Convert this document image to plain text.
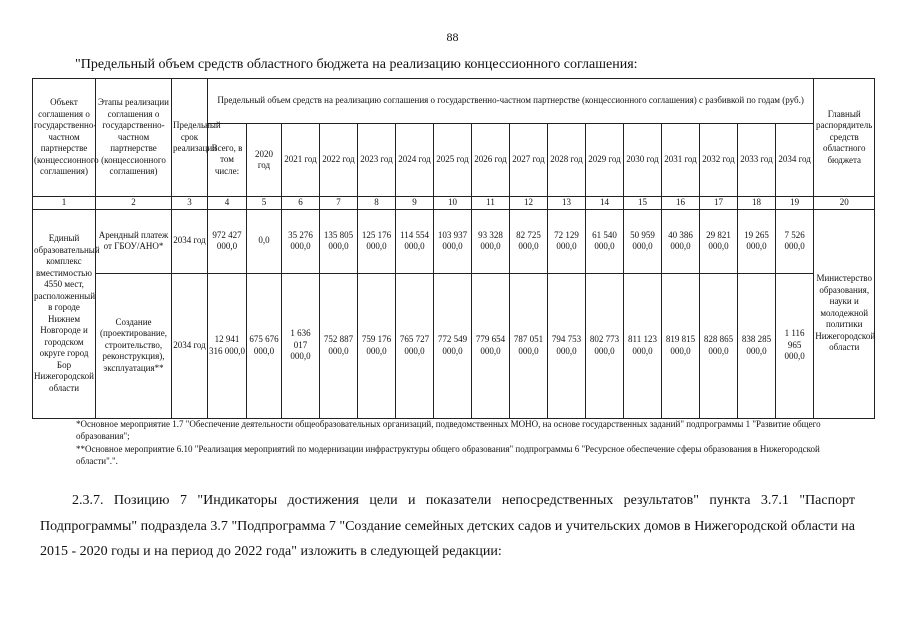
88
"Предельный объем средств областного бюджета на реализацию концессионного соглашения:
Объект соглашения о государственно-частном партнерстве (концессионного соглашения)	Этапы реализации соглашения о государственно-частном партнерстве (концессионного соглашения)	Предельный срок реализации	Предельный объем средств на реализацию соглашения о государственно-частном партнерстве (концессионного соглашения) с разбивкой по годам (руб.)																Главный распорядитель средств областного бюджета
			Всего, в том числе:	2020 год	2021 год	2022 год	2023 год	2024 год	2025 год	2026 год	2027 год	2028 год	2029 год	2030 год	2031 год	2032 год	2033 год	2034 год	
1	2	3	4	5	6	7	8	9	10	11	12	13	14	15	16	17	18	19	20
Единый образовательный комплекс вместимостью 4550 мест, расположенный в городе Нижнем Новгороде и городском округе город Бор Нижегородской области	Арендный платеж от ГБОУ/АНО*	2034 год	972 427 000,0	0,0	35 276 000,0	135 805 000,0	125 176 000,0	114 554 000,0	103 937 000,0	93 328 000,0	82 725 000,0	72 129 000,0	61 540 000,0	50 959 000,0	40 386 000,0	29 821 000,0	19 265 000,0	7 526 000,0	Министерство образования, науки и молодежной политики Нижегородской области
	Создание (проектирование, строительство, реконструкция), эксплуатация**	2034 год	12 941 316 000,0	675 676 000,0	1 636 017 000,0	752 887 000,0	759 176 000,0	765 727 000,0	772 549 000,0	779 654 000,0	787 051 000,0	794 753 000,0	802 773 000,0	811 123 000,0	819 815 000,0	828 865 000,0	838 285 000,0	1 116 965 000,0	
*Основное мероприятие 1.7 "Обеспечение деятельности общеобразовательных организаций, подведомственных МОНО, на основе государственных заданий" подпрограммы 1 "Развитие общего образования";
**Основное мероприятие 6.10 "Реализация мероприятий по модернизации инфраструктуры общего образования" подпрограммы 6 "Ресурсное обеспечение сферы образования в Нижегородской области".".

2.3.7. Позицию 7 "Индикаторы достижения цели и показатели непосредственных результатов" пункта 3.7.1 "Паспорт Подпрограммы" подраздела 3.7 "Подпрограмма 7 "Создание семейных детских садов и учительских домов в Нижегородской области на 2015 - 2020 годы и на период до 2022 года" изложить в следующей редакции:
